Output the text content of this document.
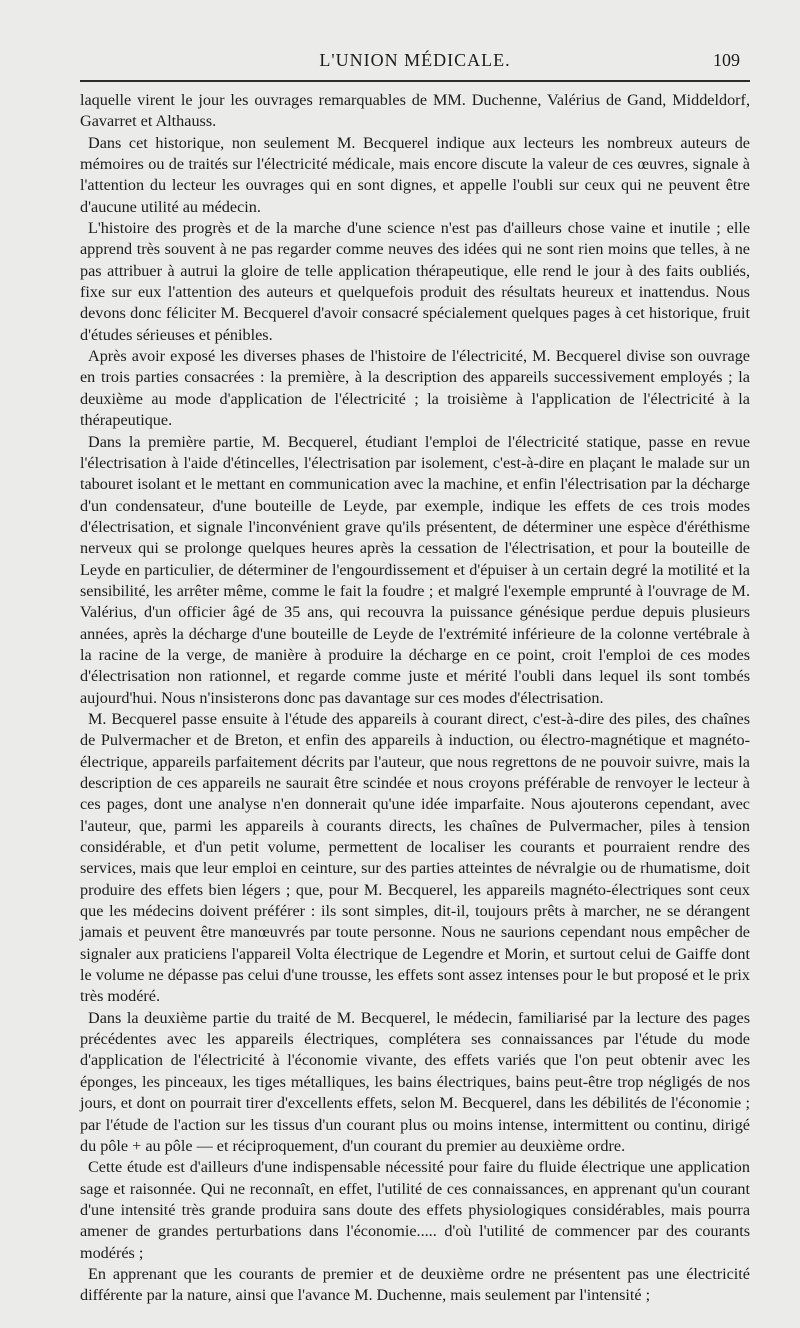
L'UNION MÉDICALE.	109

laquelle virent le jour les ouvrages remarquables de MM. Duchenne, Valérius de Gand, Middeldorf, Gavarret et Althauss.

Dans cet historique, non seulement M. Becquerel indique aux lecteurs les nombreux auteurs de mémoires ou de traités sur l'électricité médicale, mais encore discute la valeur de ces œuvres, signale à l'attention du lecteur les ouvrages qui en sont dignes, et appelle l'oubli sur ceux qui ne peuvent être d'aucune utilité au médecin.

L'histoire des progrès et de la marche d'une science n'est pas d'ailleurs chose vaine et inutile ; elle apprend très souvent à ne pas regarder comme neuves des idées qui ne sont rien moins que telles, à ne pas attribuer à autrui la gloire de telle application thérapeutique, elle rend le jour à des faits oubliés, fixe sur eux l'attention des auteurs et quelquefois produit des résultats heureux et inattendus. Nous devons donc féliciter M. Becquerel d'avoir consacré spécialement quelques pages à cet historique, fruit d'études sérieuses et pénibles.

Après avoir exposé les diverses phases de l'histoire de l'électricité, M. Becquerel divise son ouvrage en trois parties consacrées : la première, à la description des appareils successivement employés ; la deuxième au mode d'application de l'électricité ; la troisième à l'application de l'électricité à la thérapeutique.

Dans la première partie, M. Becquerel, étudiant l'emploi de l'électricité statique, passe en revue l'électrisation à l'aide d'étincelles, l'électrisation par isolement, c'est-à-dire en plaçant le malade sur un tabouret isolant et le mettant en communication avec la machine, et enfin l'électrisation par la décharge d'un condensateur, d'une bouteille de Leyde, par exemple, indique les effets de ces trois modes d'électrisation, et signale l'inconvénient grave qu'ils présentent, de déterminer une espèce d'éréthisme nerveux qui se prolonge quelques heures après la cessation de l'électrisation, et pour la bouteille de Leyde en particulier, de déterminer de l'engourdissement et d'épuiser à un certain degré la motilité et la sensibilité, les arrêter même, comme le fait la foudre ; et malgré l'exemple emprunté à l'ouvrage de M. Valérius, d'un officier âgé de 35 ans, qui recouvra la puissance génésique perdue depuis plusieurs années, après la décharge d'une bouteille de Leyde de l'extrémité inférieure de la colonne vertébrale à la racine de la verge, de manière à produire la décharge en ce point, croit l'emploi de ces modes d'électrisation non rationnel, et regarde comme juste et mérité l'oubli dans lequel ils sont tombés aujourd'hui. Nous n'insisterons donc pas davantage sur ces modes d'électrisation.

M. Becquerel passe ensuite à l'étude des appareils à courant direct, c'est-à-dire des piles, des chaînes de Pulvermacher et de Breton, et enfin des appareils à induction, ou électro-magnétique et magnéto-électrique, appareils parfaitement décrits par l'auteur, que nous regrettons de ne pouvoir suivre, mais la description de ces appareils ne saurait être scindée et nous croyons préférable de renvoyer le lecteur à ces pages, dont une analyse n'en donnerait qu'une idée imparfaite. Nous ajouterons cependant, avec l'auteur, que, parmi les appareils à courants directs, les chaînes de Pulvermacher, piles à tension considérable, et d'un petit volume, permettent de localiser les courants et pourraient rendre des services, mais que leur emploi en ceinture, sur des parties atteintes de névralgie ou de rhumatisme, doit produire des effets bien légers ; que, pour M. Becquerel, les appareils magnéto-électriques sont ceux que les médecins doivent préférer : ils sont simples, dit-il, toujours prêts à marcher, ne se dérangent jamais et peuvent être manœuvrés par toute personne. Nous ne saurions cependant nous empêcher de signaler aux praticiens l'appareil Volta électrique de Legendre et Morin, et surtout celui de Gaiffe dont le volume ne dépasse pas celui d'une trousse, les effets sont assez intenses pour le but proposé et le prix très modéré.

Dans la deuxième partie du traité de M. Becquerel, le médecin, familiarisé par la lecture des pages précédentes avec les appareils électriques, complétera ses connaissances par l'étude du mode d'application de l'électricité à l'économie vivante, des effets variés que l'on peut obtenir avec les éponges, les pinceaux, les tiges métalliques, les bains électriques, bains peut-être trop négligés de nos jours, et dont on pourrait tirer d'excellents effets, selon M. Becquerel, dans les débilités de l'économie ; par l'étude de l'action sur les tissus d'un courant plus ou moins intense, intermittent ou continu, dirigé du pôle + au pôle — et réciproquement, d'un courant du premier au deuxième ordre.

Cette étude est d'ailleurs d'une indispensable nécessité pour faire du fluide électrique une application sage et raisonnée. Qui ne reconnaît, en effet, l'utilité de ces connaissances, en apprenant qu'un courant d'une intensité très grande produira sans doute des effets physiologiques considérables, mais pourra amener de grandes perturbations dans l'économie..... d'où l'utilité de commencer par des courants modérés ;

En apprenant que les courants de premier et de deuxième ordre ne présentent pas une électricité différente par la nature, ainsi que l'avance M. Duchenne, mais seulement par l'intensité ;
